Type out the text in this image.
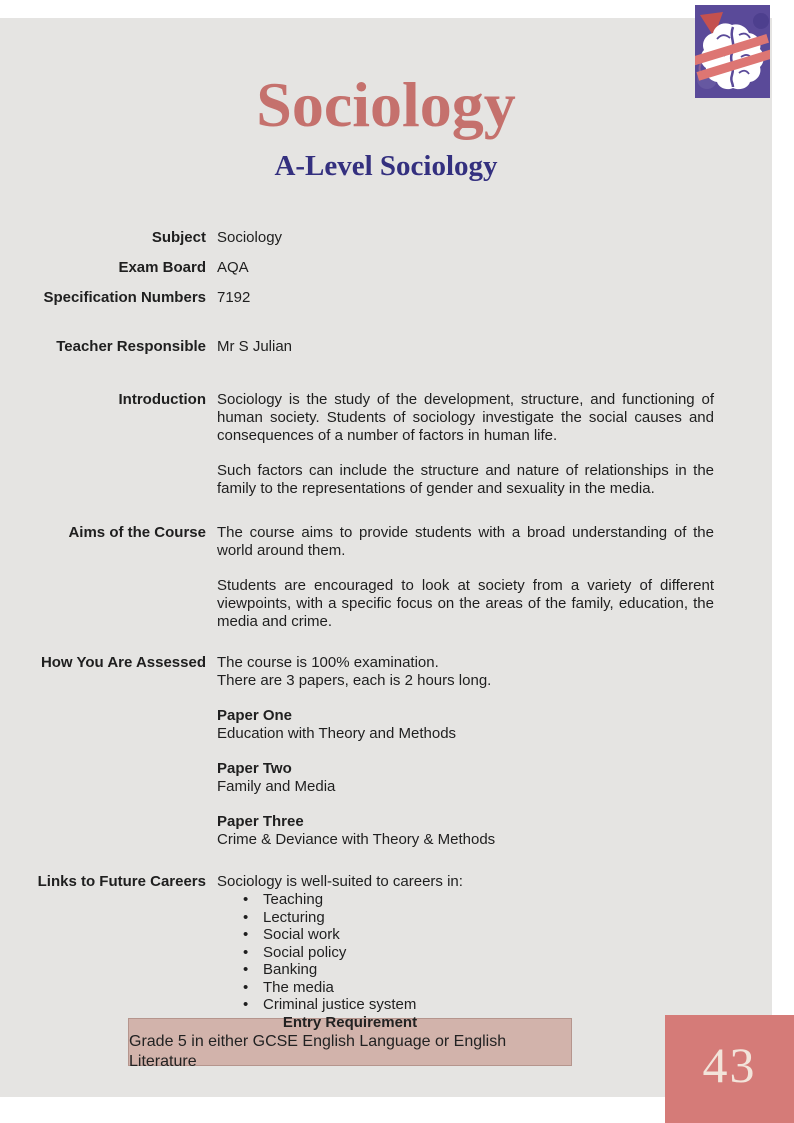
Sociology
A-Level Sociology
Subject Sociology
Exam Board AQA
Specification Numbers 7192
Teacher Responsible Mr S Julian
Introduction Sociology is the study of the development, structure, and functioning of human society. Students of sociology investigate the social causes and consequences of a number of factors in human life.

Such factors can include the structure and nature of relationships in the family to the representations of gender and sexuality in the media.

Aims of the Course The course aims to provide students with a broad understanding of the world around them.

Students are encouraged to look at society from a variety of different viewpoints, with a specific focus on the areas of the family, education, the media and crime.

How You Are Assessed The course is 100% examination.
There are 3 papers, each is 2 hours long.
Paper One
Education with Theory and Methods
Paper Two
Family and Media
Paper Three
Crime & Deviance with Theory & Methods
Links to Future Careers Sociology is well-suited to careers in:
• Teaching
• Lecturing
• Social work
• Social policy
• Banking
• The media
• Criminal justice system
Entry Requirement
Grade 5 in either GCSE English Language or English Literature	43
